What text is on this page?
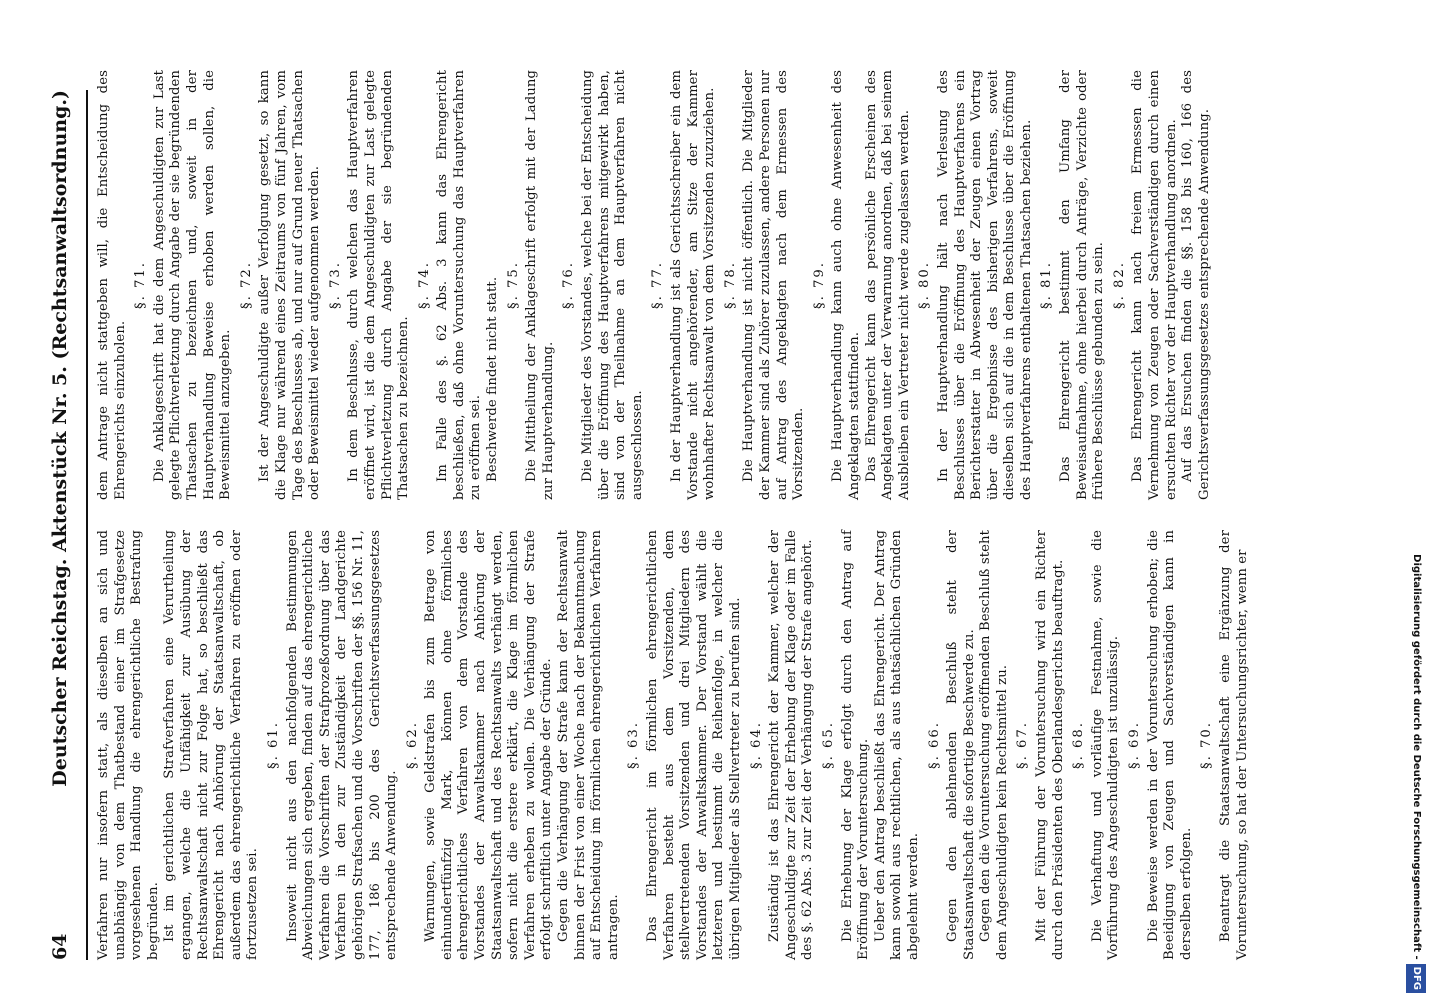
64
Deutscher Reichstag. Aktenstück Nr. 5. (Rechtsanwaltsordnung.) Verfahren nur insofern statt, als dieselben an sich und unabhängig von dem Thatbestand einer im Strafgesetze vorgesehenen Handlung die ehrengerichtliche Bestrafung begründen. Ist im gerichtlichen Strafverfahren eine Verurtheilung ergangen, welche die Unfähigkeit zur Ausübung der Rechtsanwaltschaft nicht zur Folge hat, so beschließt das Ehrengericht nach Anhörung der Staatsanwaltschaft, ob außerdem das ehrengerichtliche Verfahren zu eröffnen oder fortzusetzen sei.

§. 61. Insoweit nicht aus den nachfolgenden Bestimmungen Abweichungen sich ergeben, finden auf das ehrengerichtliche Verfahren die Vorschriften der Strafprozeßordnung über das Verfahren in den zur Zuständigkeit der Landgerichte gehörigen Strafsachen und die Vorschriften der §§. 156 Nr. 11, 177, 186 bis 200 des Gerichtsverfassungsgesetzes entsprechende Anwendung.

§. 62. Warnungen, sowie Geldstrafen bis zum Betrage von einhundertfünfzig Mark, können ohne förmliches ehrengerichtliches Verfahren von dem Vorstande des Vorstandes der Anwaltskammer nach Anhörung der Staatsanwaltschaft und des Rechtsanwalts verhängt werden, sofern nicht die erstere erklärt, die Klage im förmlichen Verfahren erheben zu wollen. Die Verhängung der Strafe erfolgt schriftlich unter Angabe der Gründe. Gegen die Verhängung der Strafe kann der Rechtsanwalt binnen der Frist von einer Woche nach der Bekanntmachung auf Entscheidung im förmlichen ehrengerichtlichen Verfahren antragen.

§. 63. Das Ehrengericht im förmlichen ehrengerichtlichen Verfahren besteht aus dem Vorsitzenden, dem stellvertretenden Vorsitzenden und drei Mitgliedern des Vorstandes der Anwaltskammer. Der Vorstand wählt die letzteren und bestimmt die Reihenfolge, in welcher die übrigen Mitglieder als Stellvertreter zu berufen sind. §. 64. Zuständig ist das Ehrengericht der Kammer, welcher der Angeschuldigte zur Zeit der Erhebung der Klage oder im Falle des §. 62 Abs. 3 zur Zeit der Verhängung der Strafe angehört. §. 65. Die Erhebung der Klage erfolgt durch den Antrag auf Eröffnung der Voruntersuchung. Ueber den Antrag beschließt das Ehrengericht. Der Antrag kann sowohl aus rechtlichen, als aus thatsächlichen Gründen abgelehnt werden.

§. 66. Gegen den ablehnenden Beschluß steht der Staatsanwaltschaft die sofortige Beschwerde zu. Gegen den die Voruntersuchung eröffnenden Beschluß steht dem Angeschuldigten kein Rechtsmittel zu. §. 67. Mit der Führung der Voruntersuchung wird ein Richter durch den Präsidenten des Oberlandesgerichts beauftragt. §. 68. Die Verhaftung und vorläufige Festnahme, sowie die Vorführung des Angeschuldigten ist unzulässig. §. 69. Die Beweise werden in der Voruntersuchung erhoben; die Beeidigung von Zeugen und Sachverständigen kann in derselben erfolgen.

§. 70. Beantragt die Staatsanwaltschaft eine Ergänzung der Voruntersuchung, so hat der Untersuchungsrichter, wenn er

dem Antrage nicht stattgeben will, die Entscheidung des Ehrengerichts einzuholen.

§. 71. Die Anklageschrift hat die dem Angeschuldigten zur Last gelegte Pflichtverletzung durch Angabe der sie begründenden Thatsachen zu bezeichnen und, soweit in der Hauptverhandlung Beweise erhoben werden sollen, die Beweismittel anzugeben.

§. 72. Ist der Angeschuldigte außer Verfolgung gesetzt, so kann die Klage nur während eines Zeitraums von fünf Jahren, vom Tage des Beschlusses ab, und nur auf Grund neuer Thatsachen oder Beweismittel wieder aufgenommen werden. §. 73. In dem Beschlusse, durch welchen das Hauptverfahren eröffnet wird, ist die dem Angeschuldigten zur Last gelegte Pflichtverletzung durch Angabe der sie begründenden Thatsachen zu bezeichnen.

§. 74. Im Falle des §. 62 Abs. 3 kann das Ehrengericht beschließen, daß ohne Voruntersuchung das Hauptverfahren zu eröffnen sei. Beschwerde findet nicht statt. §. 75. Die Mittheilung der Anklageschrift erfolgt mit der Ladung zur Hauptverhandlung.

§. 76. Die Mitglieder des Vorstandes, welche bei der Entscheidung über die Eröffnung des Hauptverfahrens mitgewirkt haben, sind von der Theilnahme an dem Hauptverfahren nicht ausgeschlossen.

§. 77. In der Hauptverhandlung ist als Gerichtsschreiber ein dem Vorstande nicht angehörender, am Sitze der Kammer wohnhafter Rechtsanwalt von dem Vorsitzenden zuzuziehen. §. 78. Die Hauptverhandlung ist nicht öffentlich. Die Mitglieder der Kammer sind als Zuhörer zuzulassen, andere Personen nur auf Antrag des Angeklagten nach dem Ermessen des Vorsitzenden.

§. 79. Die Hauptverhandlung kann auch ohne Anwesenheit des Angeklagten stattfinden. Das Ehrengericht kann das persönliche Erscheinen des Angeklagten unter der Verwarnung anordnen, daß bei seinem Ausbleiben ein Vertreter nicht werde zugelassen werden. §. 80. In der Hauptverhandlung hält nach Verlesung des Beschlusses über die Eröffnung des Hauptverfahrens ein Berichterstatter in Abwesenheit der Zeugen einen Vortrag über die Ergebnisse des bisherigen Verfahrens, soweit dieselben sich auf die in dem Beschlusse über die Eröffnung des Hauptverfahrens enthaltenen Thatsachen beziehen. §. 81. Das Ehrengericht bestimmt den Umfang der Beweisaufnahme, ohne hierbei durch Anträge, Verzichte oder frühere Beschlüsse gebunden zu sein. §. 82. Das Ehrengericht kann nach freiem Ermessen die Vernehmung von Zeugen oder Sachverständigen durch einen ersuchten Richter vor der Hauptverhandlung anordnen. Auf das Ersuchen finden die §§. 158 bis 160, 166 des Gerichtsverfassungsgesetzes entsprechende Anwendung.

Digitalisierung gefördert durch die Deutsche Forschungsgemeinschaft -DFG
